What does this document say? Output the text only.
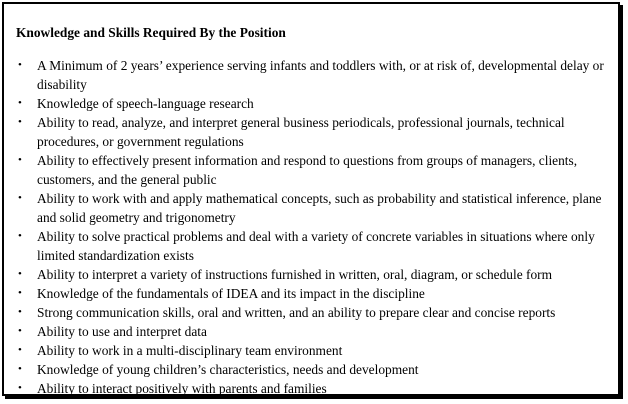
Knowledge and Skills Required By the Position
• A Minimum of 2 years’ experience serving infants and toddlers with, or at risk of, developmental delay or
disability
• Knowledge of speech-language research
• Ability to read, analyze, and interpret general business periodicals, professional journals, technical
procedures, or government regulations
• Ability to effectively present information and respond to questions from groups of managers, clients,
customers, and the general public
• Ability to work with and apply mathematical concepts, such as probability and statistical inference, plane
and solid geometry and trigonometry
• Ability to solve practical problems and deal with a variety of concrete variables in situations where only
limited standardization exists
• Ability to interpret a variety of instructions furnished in written, oral, diagram, or schedule form
• Knowledge of the fundamentals of IDEA and its impact in the discipline
• Strong communication skills, oral and written, and an ability to prepare clear and concise reports
• Ability to use and interpret data
• Ability to work in a multi-disciplinary team environment
• Knowledge of young children’s characteristics, needs and development
• Ability to interact positively with parents and families
